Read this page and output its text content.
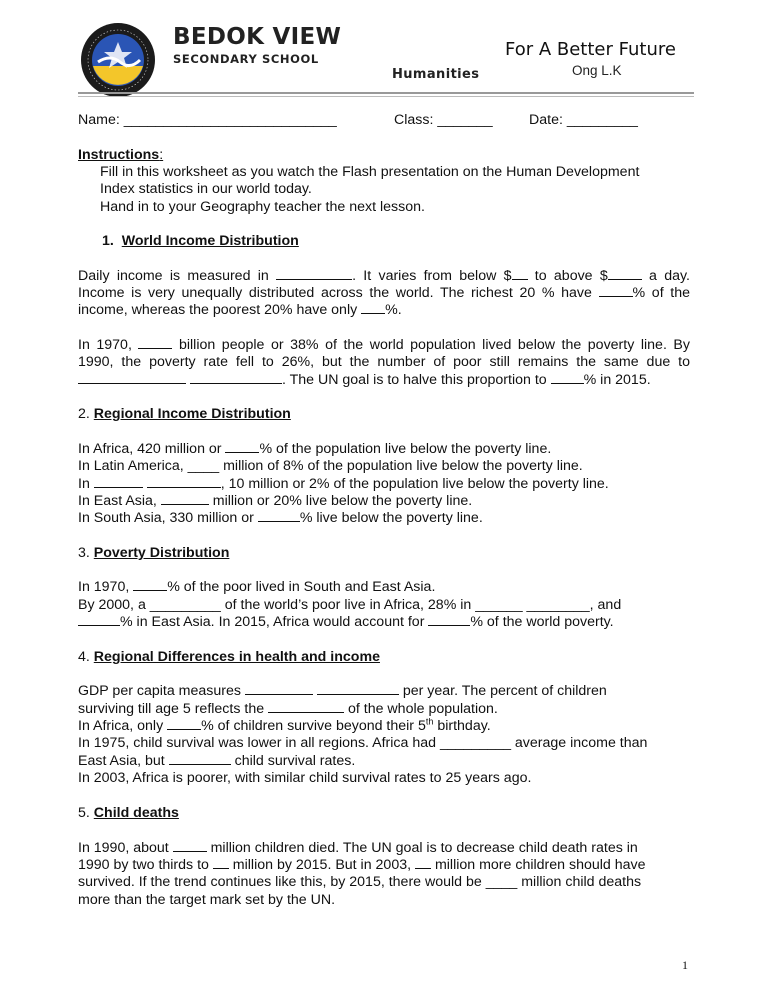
BEDOK VIEW
SECONDARY SCHOOL
Humanities
For A Better Future
Ong L.K
Name: ___________________________	Class: _______	Date: _________
Instructions:
Fill in this worksheet as you watch the Flash presentation on the Human Development
Index statistics in our world today.
Hand in to your Geography teacher the next lesson.
1. World Income Distribution
Daily income is measured in	. It varies from below $ to above $ a day.
Income is very unequally distributed across the world. The richest 20 % have % of the
income, whereas the poorest 20% have only %.
In 1970,  billion people or 38% of the world population lived below the poverty line. By
1990, the poverty rate fell to 26%, but the number of poor still remains the same due to
. The UN goal is to halve this proportion to % in 2015.
2. Regional Income Distribution
In Africa, 420 million or % of the population live below the poverty line.
In Latin America, ____ million of 8% of the population live below the poverty line.
In	, 10 million or 2% of the population live below the poverty line.
In East Asia,	million or 20% live below the poverty line.
In South Asia, 330 million or	% live below the poverty line.
3. Poverty Distribution
In 1970, % of the poor lived in South and East Asia.
By 2000, a _________ of the world’s poor live in Africa, 28% in ______ ________, and
% in East Asia. In 2015, Africa would account for	% of the world poverty.
4. Regional Differences in health and income
GDP per capita measures	per year. The percent of children
surviving till age 5 reflects the	of the whole population.
In Africa, only % of children survive beyond their 5th birthday.
In 1975, child survival was lower in all regions. Africa had _________ average income than
East Asia, but	child survival rates.
In 2003, Africa is poorer, with similar child survival rates to 25 years ago.
5. Child deaths
In 1990, about  million children died. The UN goal is to decrease child death rates in
1990 by two thirds to  million by 2015. But in 2003,  million more children should have
survived. If the trend continues like this, by 2015, there would be ____ million child deaths
more than the target mark set by the UN.
1
